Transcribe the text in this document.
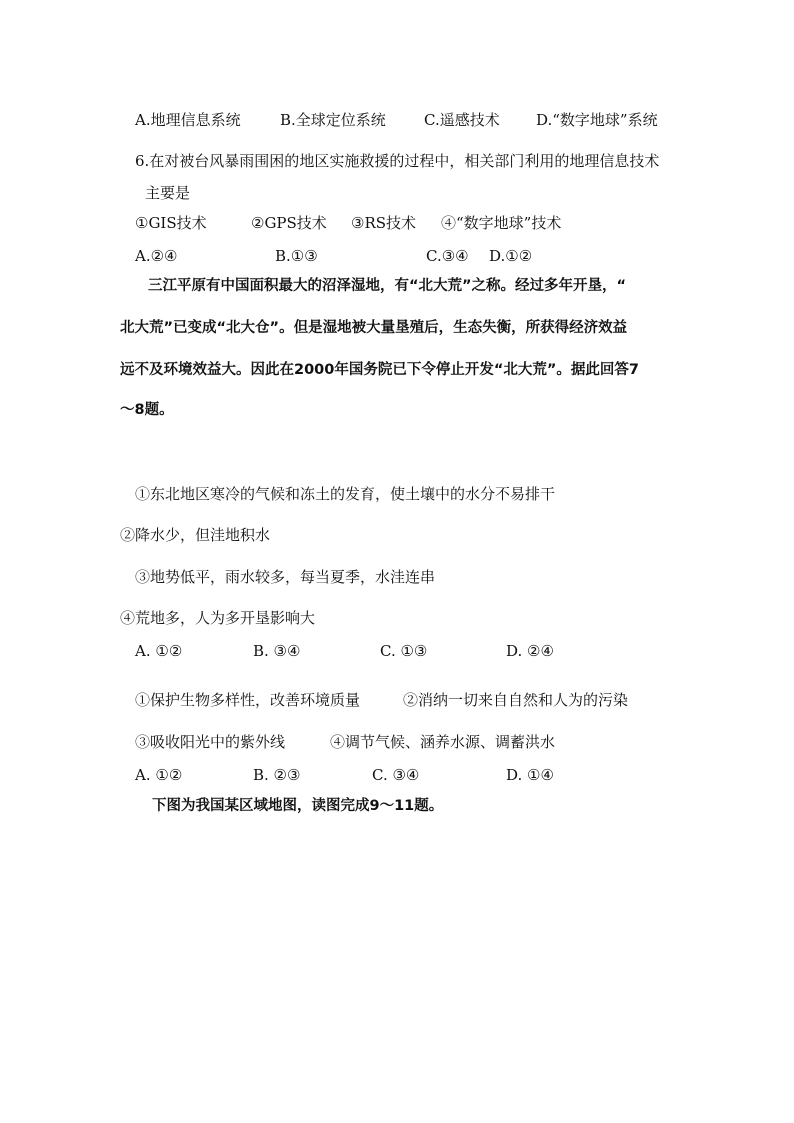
A.地理信息系统	B.全球定位系统	C.遥感技术 D.“数字地球”系统
6.在对被台风暴雨围困的地区实施救援的过程中，相关部门利用的地理信息技术
主要是
①GIS技术	②GPS技术 ③RS技术 ④“数字地球”技术
A.②④	B.①③	C.③④ D.①②
三江平原有中国面积最大的沼泽湿地，有“北大荒”之称。经过多年开垦，“
北大荒”已变成“北大仓”。但是湿地被大量垦殖后，生态失衡，所获得经济效益
远不及环境效益大。因此在2000年国务院已下令停止开发“北大荒”。据此回答7
～8题。
①东北地区寒冷的气候和冻土的发育，使土壤中的水分不易排干
②降水少，但洼地积水
③地势低平，雨水较多，每当夏季，水洼连串
④荒地多，人为多开垦影响大
A. ①②	B. ③④	C. ①③	D. ②④
①保护生物多样性，改善环境质量	②消纳一切来自自然和人为的污染
③吸收阳光中的紫外线	④调节气候、涵养水源、调蓄洪水
A. ①②	B. ②③	C. ③④	D. ①④
下图为我国某区域地图，读图完成9～11题。
